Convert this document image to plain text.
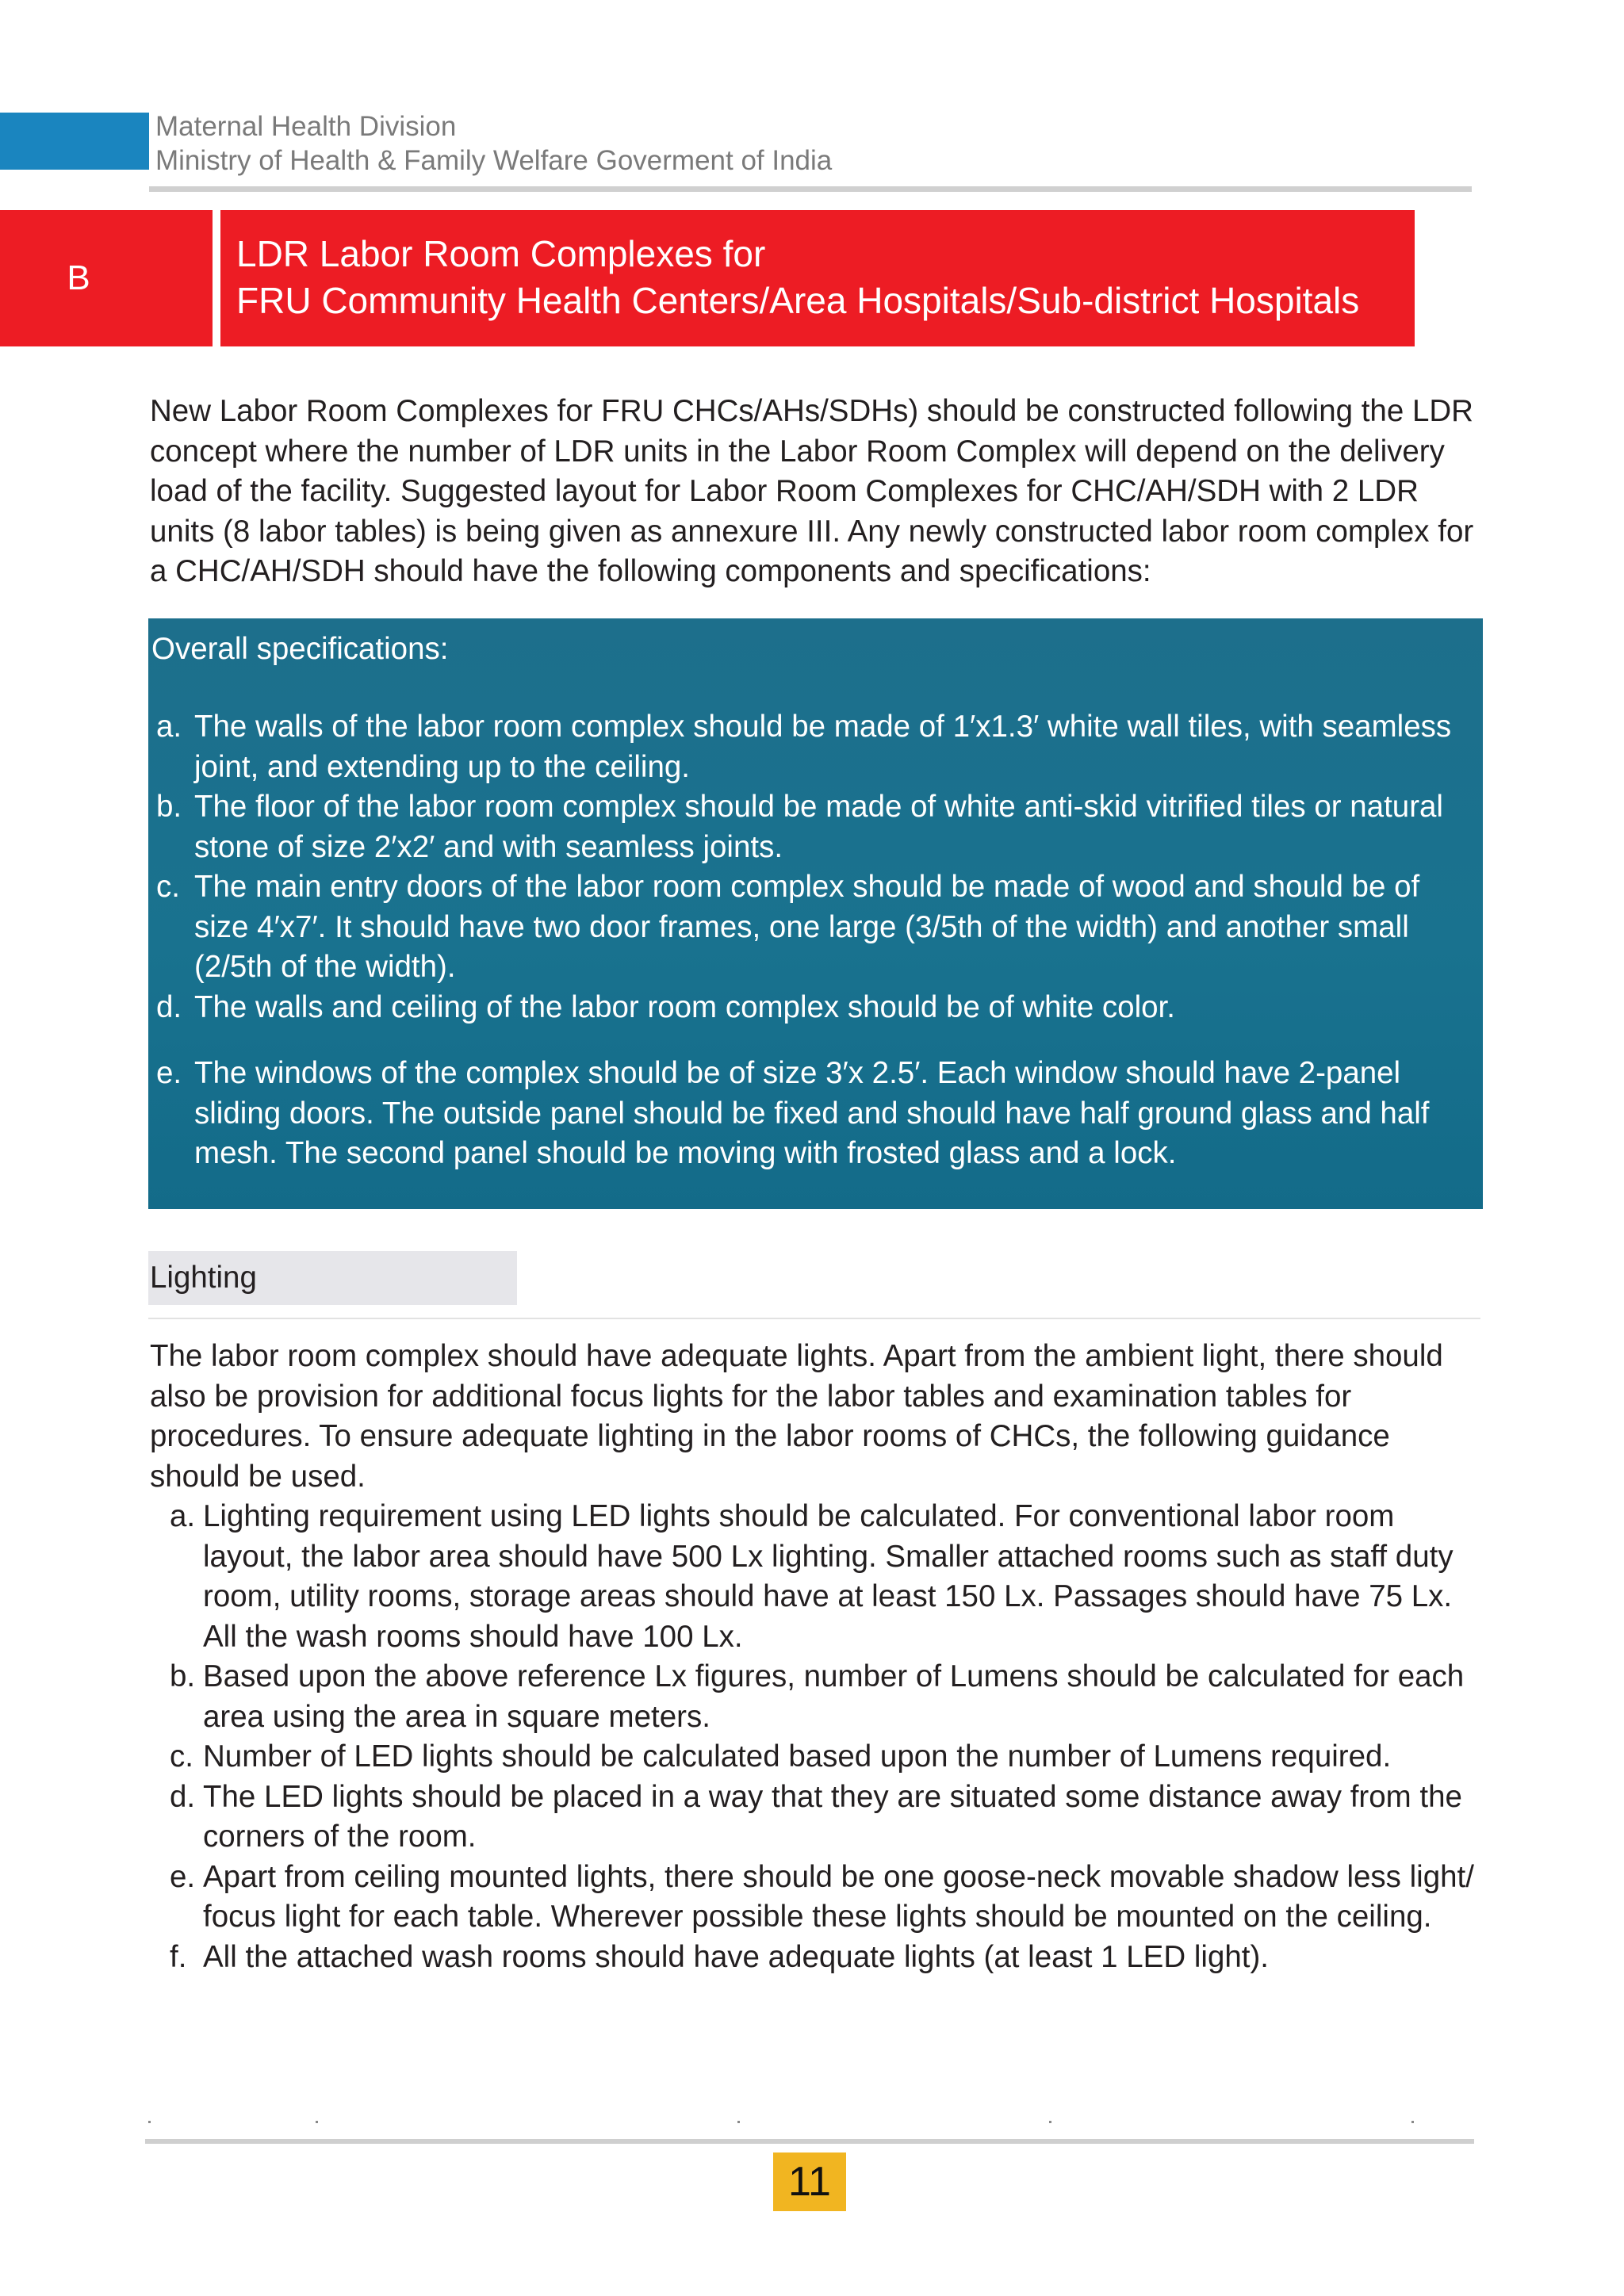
Maternal Health Division
Ministry of Health & Family Welfare Goverment of India
B
LDR Labor Room Complexes for
FRU Community Health Centers/Area Hospitals/Sub-district Hospitals
New Labor Room Complexes for FRU CHCs/AHs/SDHs) should be constructed following the LDR concept where the number of LDR units in the Labor Room Complex will depend on the delivery load of the facility. Suggested layout for Labor Room Complexes for CHC/AH/SDH with 2 LDR units (8 labor tables) is being given as annexure III. Any newly constructed labor room complex for a CHC/AH/SDH should have the following components and specifications:
Overall specifications:
a. The walls of the labor room complex should be made of 1′x1.3′ white wall tiles, with seamless joint, and extending up to the ceiling.
b. The floor of the labor room complex should be made of white anti-skid vitrified tiles or natural stone of size 2′x2′ and with seamless joints.
c. The main entry doors of the labor room complex should be made of wood and should be of size 4′x7′. It should have two door frames, one large (3/5th of the width) and another small (2/5th of the width).
d. The walls and ceiling of the labor room complex should be of white color.
e. The windows of the complex should be of size 3′x 2.5′. Each window should have 2-panel sliding doors. The outside panel should be fixed and should have half ground glass and half mesh. The second panel should be moving with frosted glass and a lock.
Lighting
The labor room complex should have adequate lights. Apart from the ambient light, there should also be provision for additional focus lights for the labor tables and examination tables for procedures. To ensure adequate lighting in the labor rooms of CHCs, the following guidance should be used.
a. Lighting requirement using LED lights should be calculated. For conventional labor room layout, the labor area should have 500 Lx lighting. Smaller attached rooms such as staff duty room, utility rooms, storage areas should have at least 150 Lx. Passages should have 75 Lx. All the wash rooms should have 100 Lx.
b. Based upon the above reference Lx figures, number of Lumens should be calculated for each area using the area in square meters.
c. Number of LED lights should be calculated based upon the number of Lumens required.
d. The LED lights should be placed in a way that they are situated some distance away from the corners of the room.
e. Apart from ceiling mounted lights, there should be one goose-neck movable shadow less light/ focus light for each table. Wherever possible these lights should be mounted on the ceiling.
f. All the attached wash rooms should have adequate lights (at least 1 LED light).
11
